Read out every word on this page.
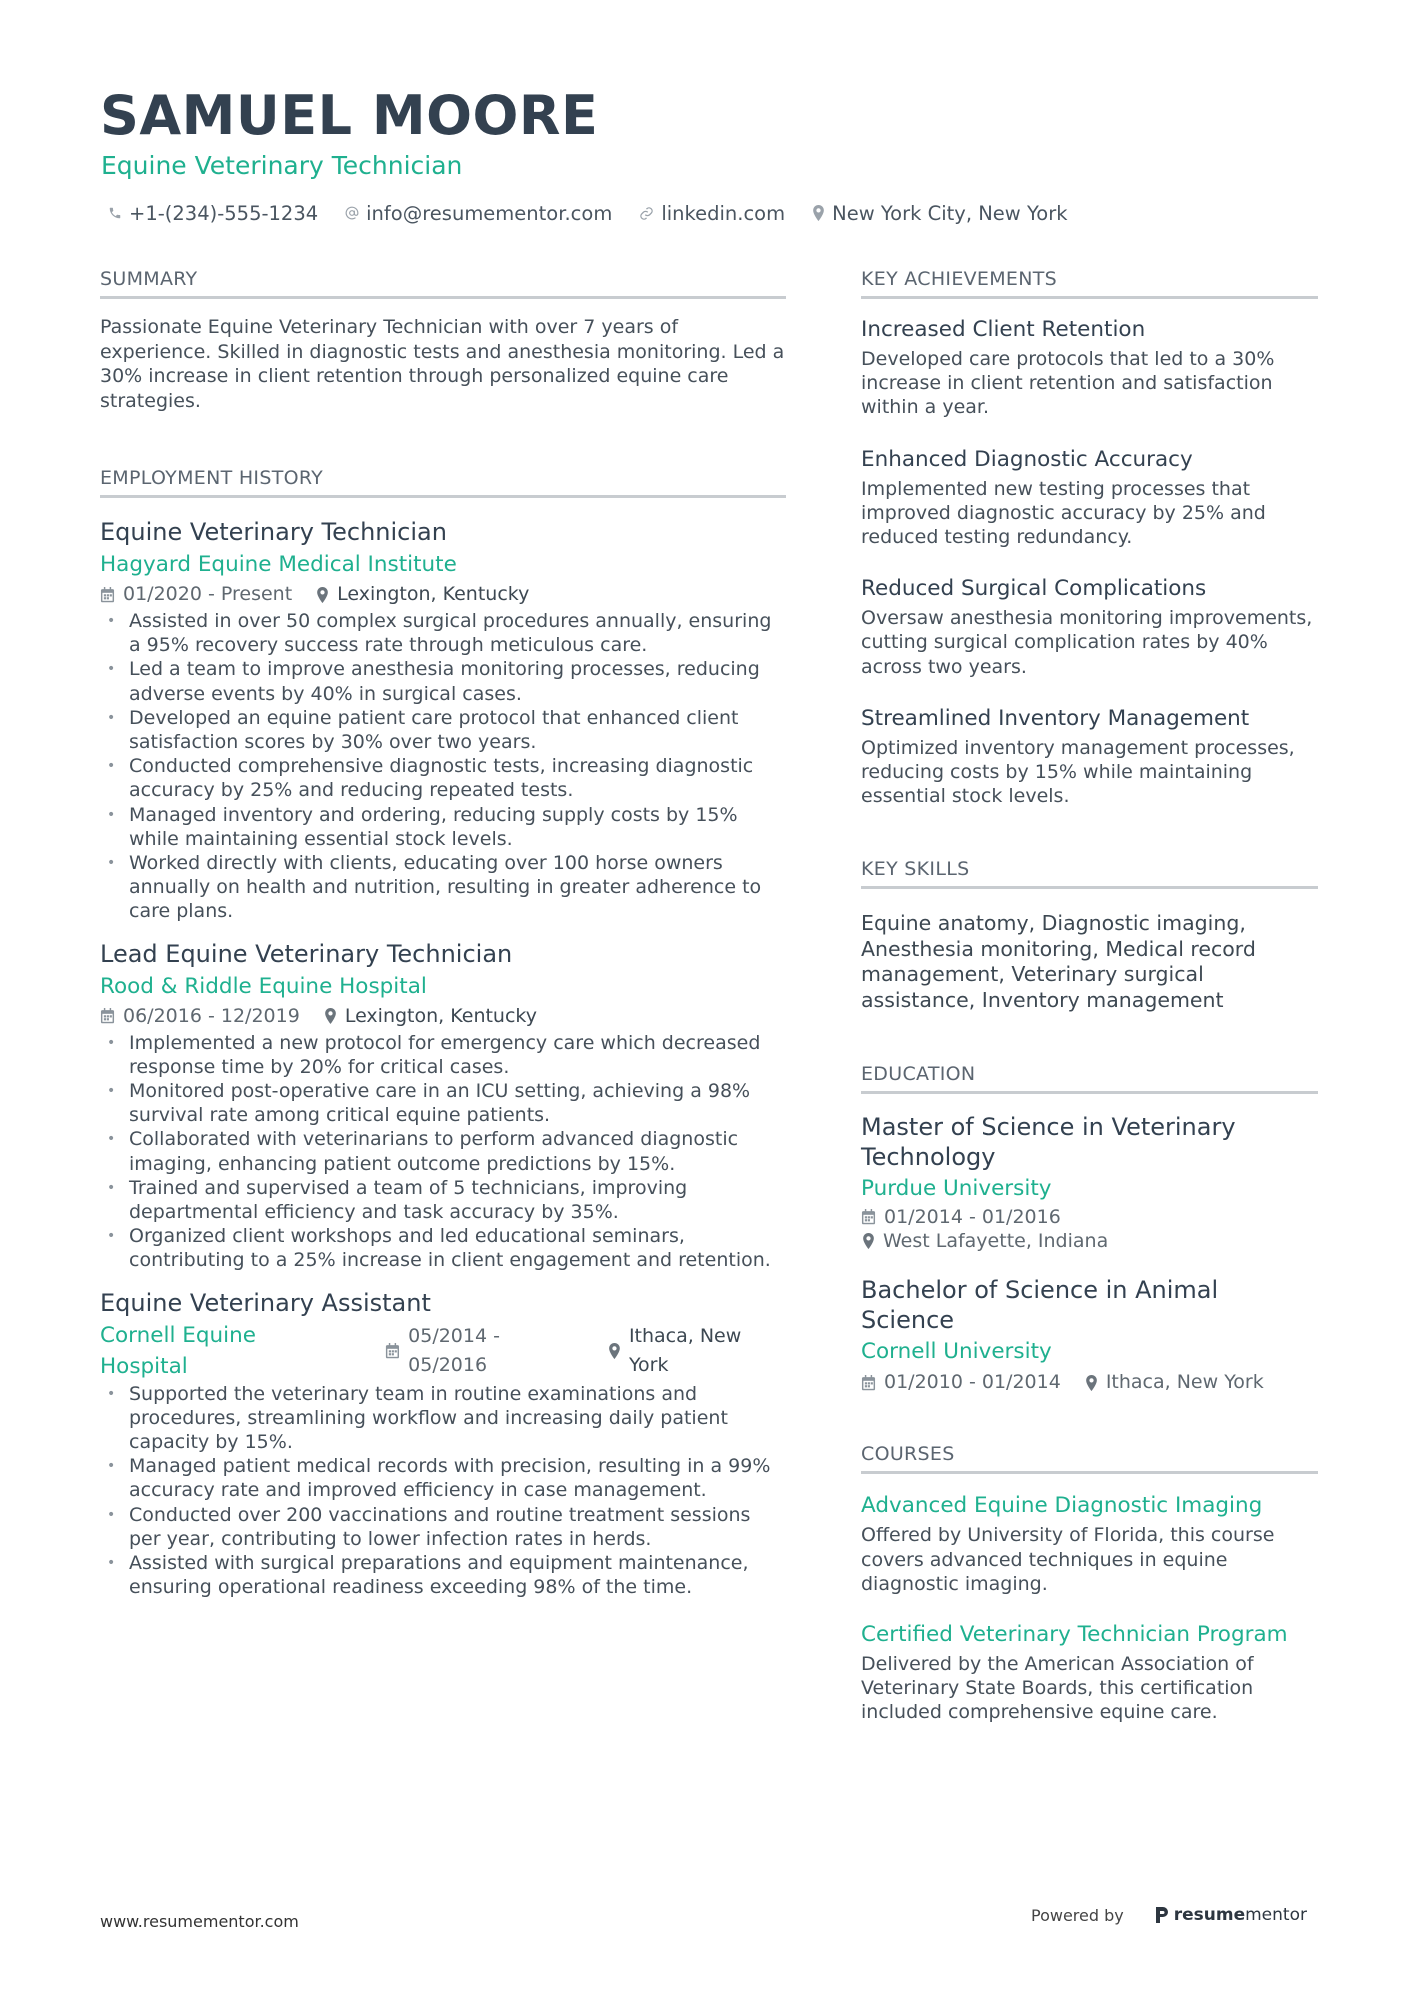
SAMUEL MOORE
Equine Veterinary Technician
+1-(234)-555-1234 info@resumementor.com	linkedin.com New York City, New York
SUMMARY
Passionate Equine Veterinary Technician with over 7 years of experience. Skilled in diagnostic tests and anesthesia monitoring. Led a 30% increase in client retention through personalized equine care strategies.
EMPLOYMENT HISTORY
Equine Veterinary Technician
Hagyard Equine Medical Institute
01/2020 - Present Lexington, Kentucky
• Assisted in over 50 complex surgical procedures annually, ensuring a 95% recovery success rate through meticulous care.
• Led a team to improve anesthesia monitoring processes, reducing adverse events by 40% in surgical cases.
• Developed an equine patient care protocol that enhanced client satisfaction scores by 30% over two years.
• Conducted comprehensive diagnostic tests, increasing diagnostic accuracy by 25% and reducing repeated tests.
• Managed inventory and ordering, reducing supply costs by 15% while maintaining essential stock levels.
• Worked directly with clients, educating over 100 horse owners annually on health and nutrition, resulting in greater adherence to care plans.
Lead Equine Veterinary Technician
Rood & Riddle Equine Hospital
06/2016 - 12/2019 Lexington, Kentucky
• Implemented a new protocol for emergency care which decreased response time by 20% for critical cases.
• Monitored post-operative care in an ICU setting, achieving a 98% survival rate among critical equine patients.
• Collaborated with veterinarians to perform advanced diagnostic imaging, enhancing patient outcome predictions by 15%.
• Trained and supervised a team of 5 technicians, improving departmental efficiency and task accuracy by 35%.
• Organized client workshops and led educational seminars, contributing to a 25% increase in client engagement and retention.
Equine Veterinary Assistant
Cornell Equine Hospital
05/2014 - 05/2016
Ithaca, New York
• Supported the veterinary team in routine examinations and procedures, streamlining workflow and increasing daily patient capacity by 15%.
• Managed patient medical records with precision, resulting in a 99% accuracy rate and improved efficiency in case management.
• Conducted over 200 vaccinations and routine treatment sessions per year, contributing to lower infection rates in herds.
• Assisted with surgical preparations and equipment maintenance, ensuring operational readiness exceeding 98% of the time.
KEY ACHIEVEMENTS
Increased Client Retention
Developed care protocols that led to a 30% increase in client retention and satisfaction within a year.
Enhanced Diagnostic Accuracy
Implemented new testing processes that improved diagnostic accuracy by 25% and reduced testing redundancy.
Reduced Surgical Complications
Oversaw anesthesia monitoring improvements, cutting surgical complication rates by 40% across two years.
Streamlined Inventory Management
Optimized inventory management processes, reducing costs by 15% while maintaining essential stock levels.
KEY SKILLS
Equine anatomy, Diagnostic imaging, Anesthesia monitoring, Medical record management, Veterinary surgical assistance, Inventory management
EDUCATION
Master of Science in Veterinary Technology
Purdue University
01/2014 - 01/2016
West Lafayette, Indiana
Bachelor of Science in Animal Science
Cornell University
01/2010 - 01/2014 Ithaca, New York
COURSES
Advanced Equine Diagnostic Imaging
Offered by University of Florida, this course covers advanced techniques in equine diagnostic imaging.
Certified Veterinary Technician Program
Delivered by the American Association of Veterinary State Boards, this certification included comprehensive equine care.
www.resumementor.com	Powered by	resume mentor
